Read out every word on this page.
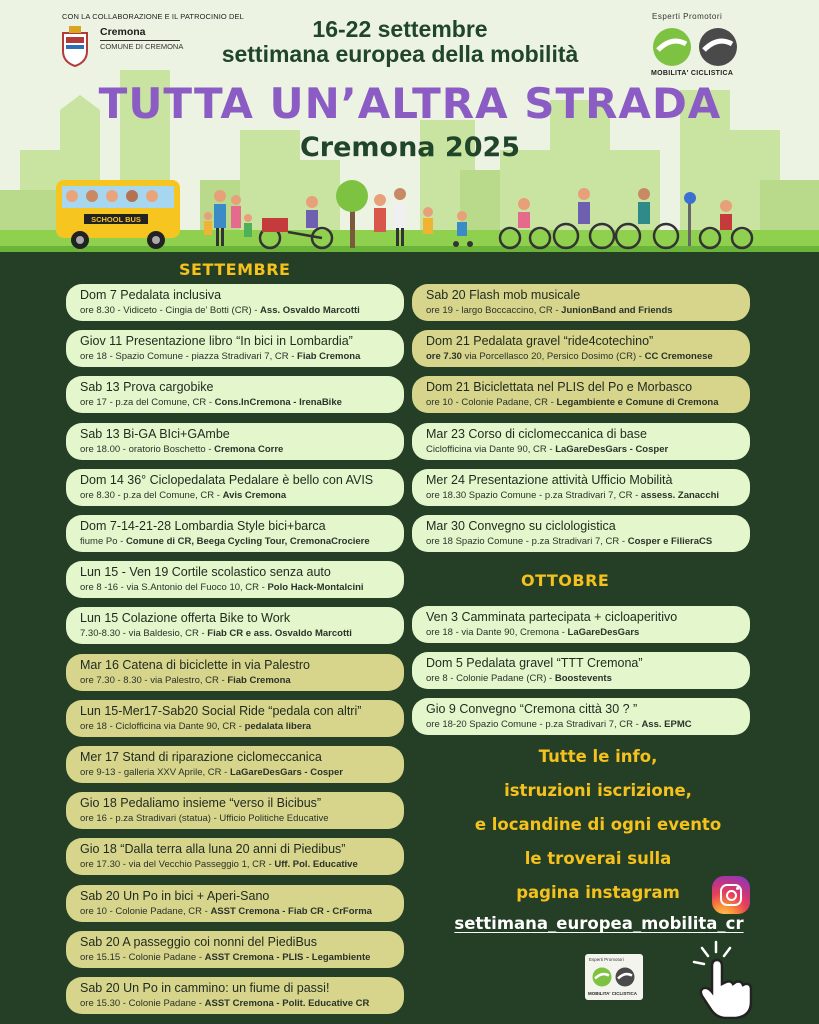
CON LA COLLABORAZIONE E IL PATROCINIO DEL
Cremona
COMUNE DI CREMONA
16-22 settembre
settimana europea della mobilità
TUTTA UN’ALTRA STRADA
Cremona 2025
Esperti Promotori
MOBILITA' CICLISTICA
SCHOOL BUS
SETTEMBRE
OTTOBRE
Dom 7 Pedalata inclusiva
ore 8.30 - Vidiceto - Cingia de’ Botti (CR) - Ass. Osvaldo Marcotti
Giov 11 Presentazione libro “In bici in Lombardia”
ore 18 - Spazio Comune - piazza Stradivari 7, CR - Fiab Cremona
Sab 13 Prova cargobike
ore 17 - p.za del Comune, CR - Cons.InCremona - IrenaBike
Sab 13 Bi-GA BIci+GAmbe
ore 18.00 - oratorio Boschetto - Cremona Corre
Dom 14 36° Ciclopedalata Pedalare è bello con AVIS
ore 8.30 - p.za del Comune, CR - Avis Cremona
Dom 7-14-21-28 Lombardia Style bici+barca
fiume Po - Comune di CR, Beega Cycling Tour, CremonaCrociere
Lun 15 - Ven 19 Cortile scolastico senza auto
ore 8 -16 - via S.Antonio del Fuoco 10, CR - Polo Hack-Montalcini
Lun 15 Colazione offerta Bike to Work
7.30-8.30 - via Baldesio, CR - Fiab CR e ass. Osvaldo Marcotti
Mar 16 Catena di biciclette in via Palestro
ore 7.30 - 8.30 - via Palestro, CR - Fiab Cremona
Lun 15-Mer17-Sab20 Social Ride “pedala con altri”
ore 18 - Ciclofficina via Dante 90, CR - pedalata libera
Mer 17 Stand di riparazione ciclomeccanica
ore 9-13 - galleria XXV Aprile, CR - LaGareDesGars - Cosper
Gio 18 Pedaliamo insieme “verso il Bicibus”
ore 16 - p.za Stradivari (statua) - Ufficio Politiche Educative
Gio 18 “Dalla terra alla luna 20 anni di Piedibus”
ore 17.30 - via del Vecchio Passeggio 1, CR - Uff. Pol. Educative
Sab 20 Un Po in bici + Aperi-Sano
ore 10 - Colonie Padane, CR - ASST Cremona - Fiab CR - CrForma
Sab 20 A passeggio coi nonni del PiediBus
ore 15.15 - Colonie Padane - ASST Cremona - PLIS - Legambiente
Sab 20 Un Po in cammino: un fiume di passi!
ore 15.30 - Colonie Padane - ASST Cremona - Polit. Educative CR
Sab 20 Flash mob musicale
ore 19 - largo Boccaccino, CR - JunionBand and Friends
Dom 21 Pedalata gravel “ride4cotechino”
ore 7.30 via Porcellasco 20, Persico Dosimo (CR) - CC Cremonese
Dom 21 Biciclettata nel PLIS del Po e Morbasco
ore 10 - Colonie Padane, CR - Legambiente e Comune di Cremona
Mar 23 Corso di ciclomeccanica di base
Ciclofficina via Dante 90, CR - LaGareDesGars - Cosper
Mer 24 Presentazione attività Ufficio Mobilità
ore 18.30 Spazio Comune - p.za Stradivari 7, CR - assess. Zanacchi
Mar 30 Convegno su ciclologistica
ore 18 Spazio Comune - p.za Stradivari 7, CR - Cosper e FilieraCS
Ven 3 Camminata partecipata + cicloaperitivo
ore 18 - via Dante 90, Cremona - LaGareDesGars
Dom 5 Pedalata gravel “TTT Cremona”
ore 8 - Colonie Padane (CR) - Boostevents
Gio 9 Convegno “Cremona città 30 ? ”
ore 18-20 Spazio Comune - p.za Stradivari 7, CR - Ass. EPMC
Tutte le info,
istruzioni iscrizione,
e locandine di ogni evento
le troverai sulla
pagina instagram
settimana_europea_mobilita_cr
Esperti Promotori
MOBILITA' CICLISTICA
